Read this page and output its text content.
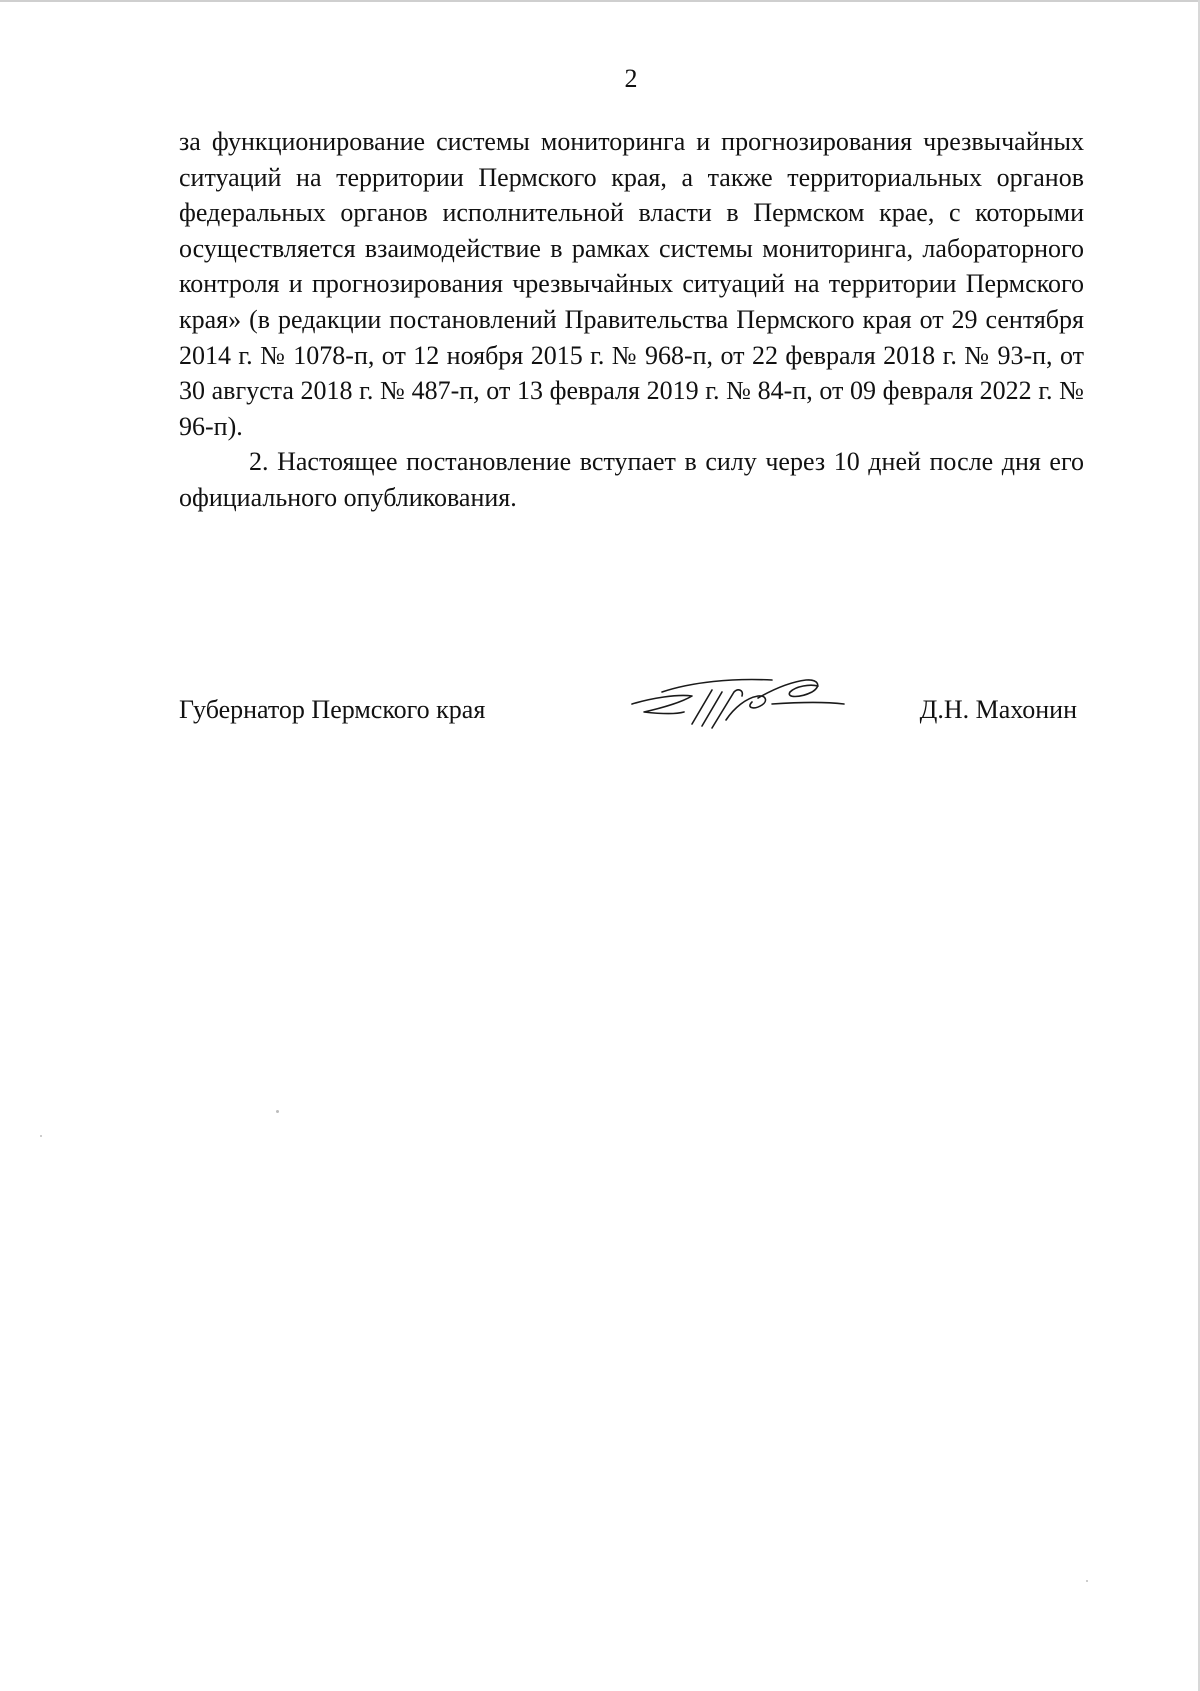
2

за функционирование системы мониторинга и прогнозирования чрезвычайных ситуаций на территории Пермского края, а также территориальных органов федеральных органов исполнительной власти в Пермском крае, с которыми осуществляется взаимодействие в рамках системы мониторинга, лабораторного контроля и прогнозирования чрезвычайных ситуаций на территории Пермского края» (в редакции постановлений Правительства Пермского края от 29 сентября 2014 г. № 1078-п, от 12 ноября 2015 г. № 968-п, от 22 февраля 2018 г. № 93-п, от 30 августа 2018 г. № 487-п, от 13 февраля 2019 г. № 84-п, от 09 февраля 2022 г. № 96-п).

2. Настоящее постановление вступает в силу через 10 дней после дня его официального опубликования.

Губернатор Пермского края	Д.Н. Махонин
